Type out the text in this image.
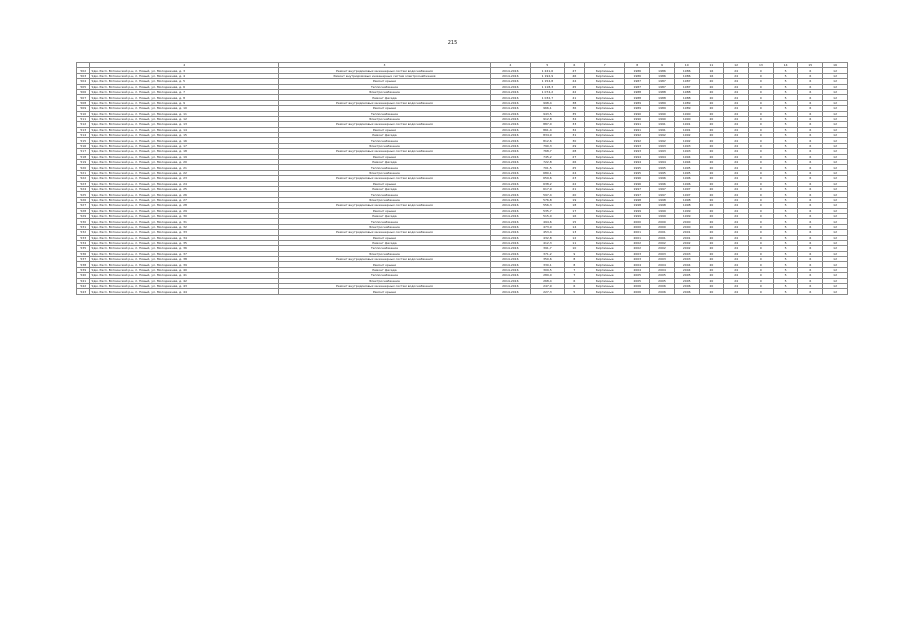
215
	2	3	4	5	6	7	8	9	10	11	12	13	14	15	16
502	Удм. Респ. Воткинский р-н, п. Новый, ул. Молодежная, д. 3	Ремонт внутридомовых инженерных систем водоснабжения	2014-2016	1 241,6	47	Кирпичные	1986	1986	1986	16	24	0	5	6	12
503	Удм. Респ. Воткинский р-н, п. Новый, ул. Молодежная, д. 4	Ремонт внутридомовых инженерных систем электроснабжения	2014-2016	1 192,9	46	Кирпичные	1986	1986	1986	16	24	0	5	6	12
504	Удм. Респ. Воткинский р-н, п. Новый, ул. Молодежная, д. 5	Ремонт крыши	2014-2016	1 154,8	44	Кирпичные	1987	1987	1987	20	24	0	5	6	12
505	Удм. Респ. Воткинский р-н, п. Новый, ул. Молодежная, д. 6	Теплоснабжение	2014-2016	1 118,3	45	Кирпичные	1987	1987	1987	20	24	0	5	6	12
506	Удм. Респ. Воткинский р-н, п. Новый, ул. Молодежная, д. 7	Электроснабжение	2014-2016	1 074,2	42	Кирпичные	1988	1988	1988	20	24	0	5	6	12
507	Удм. Респ. Воткинский р-н, п. Новый, ул. Молодежная, д. 8	Ремонт фасада	2014-2016	1 032,7	41	Кирпичные	1988	1988	1988	20	24	0	5	6	12
508	Удм. Респ. Воткинский р-н, п. Новый, ул. Молодежная, д. 9	Ремонт внутридомовых инженерных систем водоснабжения	2014-2016	998,4	38	Кирпичные	1989	1989	1989	20	24	0	5	6	12
509	Удм. Респ. Воткинский р-н, п. Новый, ул. Молодежная, д. 10	Ремонт крыши	2014-2016	966,1	36	Кирпичные	1989	1989	1989	20	24	0	5	6	12
510	Удм. Респ. Воткинский р-н, п. Новый, ул. Молодежная, д. 11	Теплоснабжение	2014-2016	943,5	35	Кирпичные	1990	1990	1990	20	24	0	5	6	12
511	Удм. Респ. Воткинский р-н, п. Новый, ул. Молодежная, д. 12	Электроснабжение	2014-2016	912,8	34	Кирпичные	1990	1990	1990	20	24	0	5	6	12
512	Удм. Респ. Воткинский р-н, п. Новый, ул. Молодежная, д. 13	Ремонт внутридомовых инженерных систем водоснабжения	2014-2016	887,0	33	Кирпичные	1991	1991	1991	20	24	0	5	6	12
513	Удм. Респ. Воткинский р-н, п. Новый, ул. Молодежная, д. 14	Ремонт крыши	2014-2016	861,4	32	Кирпичные	1991	1991	1991	20	24	0	5	6	12
514	Удм. Респ. Воткинский р-н, п. Новый, ул. Молодежная, д. 15	Ремонт фасада	2014-2016	834,9	31	Кирпичные	1992	1992	1992	20	24	0	5	6	12
515	Удм. Респ. Воткинский р-н, п. Новый, ул. Молодежная, д. 16	Теплоснабжение	2014-2016	812,6	30	Кирпичные	1992	1992	1992	20	24	0	5	6	12
516	Удм. Респ. Воткинский р-н, п. Новый, ул. Молодежная, д. 17	Электроснабжение	2014-2016	790,3	29	Кирпичные	1993	1993	1993	20	24	0	5	6	12
517	Удм. Респ. Воткинский р-н, п. Новый, ул. Молодежная, д. 18	Ремонт внутридомовых инженерных систем водоснабжения	2014-2016	768,7	28	Кирпичные	1993	1993	1993	20	24	0	5	6	12
518	Удм. Респ. Воткинский р-н, п. Новый, ул. Молодежная, д. 19	Ремонт крыши	2014-2016	745,2	27	Кирпичные	1994	1994	1994	20	24	0	5	6	12
519	Удм. Респ. Воткинский р-н, п. Новый, ул. Молодежная, д. 20	Ремонт фасада	2014-2016	722,8	26	Кирпичные	1994	1994	1994	20	24	0	5	6	12
520	Удм. Респ. Воткинский р-н, п. Новый, ул. Молодежная, д. 21	Теплоснабжение	2014-2016	701,5	25	Кирпичные	1995	1995	1995	20	24	0	5	6	12
521	Удм. Респ. Воткинский р-н, п. Новый, ул. Молодежная, д. 22	Электроснабжение	2014-2016	680,1	24	Кирпичные	1995	1995	1995	20	24	0	5	6	12
522	Удм. Респ. Воткинский р-н, п. Новый, ул. Молодежная, д. 23	Ремонт внутридомовых инженерных систем водоснабжения	2014-2016	659,6	23	Кирпичные	1996	1996	1996	20	24	0	5	6	12
523	Удм. Респ. Воткинский р-н, п. Новый, ул. Молодежная, д. 24	Ремонт крыши	2014-2016	638,2	22	Кирпичные	1996	1996	1996	20	24	0	5	6	12
524	Удм. Респ. Воткинский р-н, п. Новый, ул. Молодежная, д. 25	Ремонт фасада	2014-2016	617,9	21	Кирпичные	1997	1997	1997	20	24	0	5	6	12
525	Удм. Респ. Воткинский р-н, п. Новый, ул. Молодежная, д. 26	Теплоснабжение	2014-2016	597,4	20	Кирпичные	1997	1997	1997	20	24	0	5	6	12
526	Удм. Респ. Воткинский р-н, п. Новый, ул. Молодежная, д. 27	Электроснабжение	2014-2016	576,8	19	Кирпичные	1998	1998	1998	20	24	0	5	6	12
527	Удм. Респ. Воткинский р-н, п. Новый, ул. Молодежная, д. 28	Ремонт внутридомовых инженерных систем водоснабжения	2014-2016	556,3	18	Кирпичные	1998	1998	1998	20	24	0	5	6	12
528	Удм. Респ. Воткинский р-н, п. Новый, ул. Молодежная, д. 29	Ремонт крыши	2014-2016	535,7	17	Кирпичные	1999	1999	1999	20	24	0	5	6	12
529	Удм. Респ. Воткинский р-н, п. Новый, ул. Молодежная, д. 30	Ремонт фасада	2014-2016	515,0	16	Кирпичные	1999	1999	1999	20	24	0	5	6	12
530	Удм. Респ. Воткинский р-н, п. Новый, ул. Молодежная, д. 31	Теплоснабжение	2014-2016	494,6	15	Кирпичные	2000	2000	2000	20	24	0	5	6	12
531	Удм. Респ. Воткинский р-н, п. Новый, ул. Молодежная, д. 32	Электроснабжение	2014-2016	473,9	14	Кирпичные	2000	2000	2000	20	24	0	5	6	12
532	Удм. Респ. Воткинский р-н, п. Новый, ул. Молодежная, д. 33	Ремонт внутридомовых инженерных систем водоснабжения	2014-2016	453,4	13	Кирпичные	2001	2001	2001	20	24	0	5	6	12
533	Удм. Респ. Воткинский р-н, п. Новый, ул. Молодежная, д. 34	Ремонт крыши	2014-2016	432,8	12	Кирпичные	2001	2001	2001	20	24	0	5	6	12
534	Удм. Респ. Воткинский р-н, п. Новый, ул. Молодежная, д. 35	Ремонт фасада	2014-2016	412,3	11	Кирпичные	2002	2002	2002	20	24	0	5	6	12
535	Удм. Респ. Воткинский р-н, п. Новый, ул. Молодежная, д. 36	Теплоснабжение	2014-2016	391,7	10	Кирпичные	2002	2002	2002	20	24	0	5	6	12
536	Удм. Респ. Воткинский р-н, п. Новый, ул. Молодежная, д. 37	Электроснабжение	2014-2016	371,2	9	Кирпичные	2003	2003	2003	20	24	0	5	6	12
537	Удм. Респ. Воткинский р-н, п. Новый, ул. Молодежная, д. 38	Ремонт внутридомовых инженерных систем водоснабжения	2014-2016	350,6	8	Кирпичные	2003	2003	2003	20	24	0	5	6	12
538	Удм. Респ. Воткинский р-н, п. Новый, ул. Молодежная, д. 39	Ремонт крыши	2014-2016	330,1	8	Кирпичные	2004	2004	2004	20	24	0	5	6	12
539	Удм. Респ. Воткинский р-н, п. Новый, ул. Молодежная, д. 40	Ремонт фасада	2014-2016	309,5	7	Кирпичные	2004	2004	2004	20	24	0	5	6	12
540	Удм. Респ. Воткинский р-н, п. Новый, ул. Молодежная, д. 41	Теплоснабжение	2014-2016	289,0	7	Кирпичные	2005	2005	2005	20	24	0	5	6	12
541	Удм. Респ. Воткинский р-н, п. Новый, ул. Молодежная, д. 42	Электроснабжение	2014-2016	268,4	6	Кирпичные	2005	2005	2005	20	24	0	5	6	12
542	Удм. Респ. Воткинский р-н, п. Новый, ул. Молодежная, д. 43	Ремонт внутридомовых инженерных систем водоснабжения	2014-2016	247,9	6	Кирпичные	2006	2006	2006	20	24	0	5	6	12
543	Удм. Респ. Воткинский р-н, п. Новый, ул. Молодежная, д. 44	Ремонт крыши	2014-2016	227,3	5	Кирпичные	2006	2006	2006	20	24	0	5	6	12
